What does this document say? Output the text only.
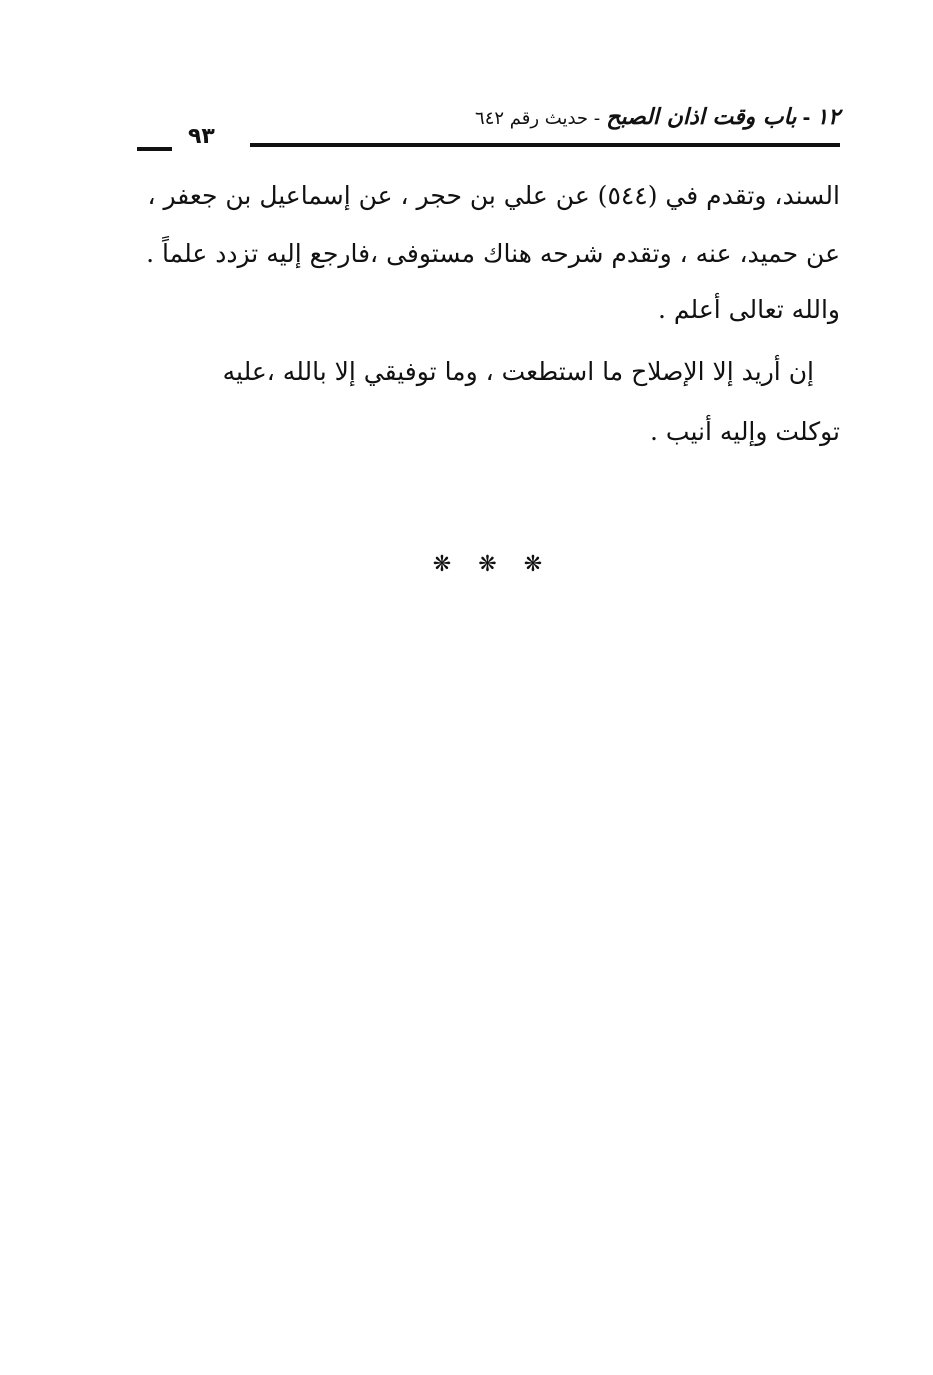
١٢-باب وقت اذان الصبح - حديث رقم ٦٤٢
٩٣
السند، وتقدم في (٥٤٤) عن علي بن حجر ، عن إسماعيل بن جعفر ،
عن حميد، عنه ، وتقدم شرحه هناك مستوفى ،فارجع إليه تزدد علماً .
والله تعالى أعلم .
إن أريد إلا الإصلاح ما استطعت ، وما توفيقي إلا بالله ،عليه
توكلت وإليه أنيب .
❋	❋	❋
